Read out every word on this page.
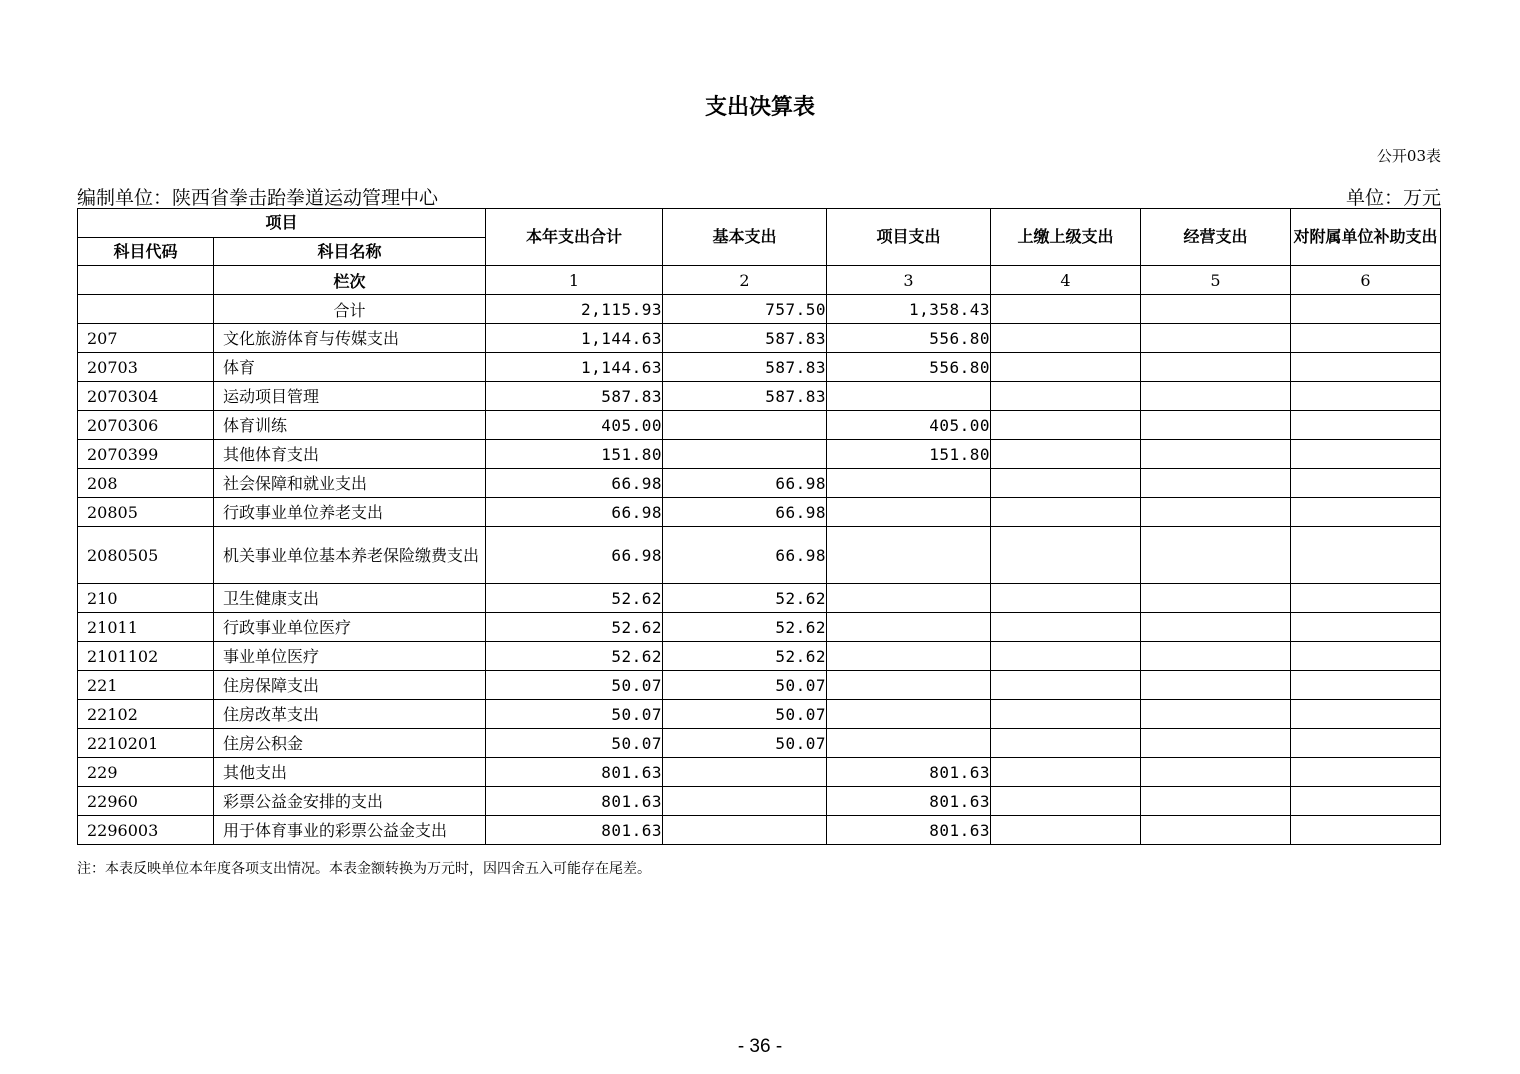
支出决算表
公开03表
编制单位：陕西省拳击跆拳道运动管理中心	单位：万元
项目		本年支出合计	基本支出	项目支出	上缴上级支出	经营支出	对附属单位补助支出
科目代码	科目名称						
	栏次	1	2	3	4	5	6
	合计	2,115.93	757.50	1,358.43			
207	文化旅游体育与传媒支出	1,144.63	587.83	556.80			
20703	体育	1,144.63	587.83	556.80			
2070304	运动项目管理	587.83	587.83				
2070306	体育训练	405.00		405.00			
2070399	其他体育支出	151.80		151.80			
208	社会保障和就业支出	66.98	66.98				
20805	行政事业单位养老支出	66.98	66.98				
2080505	机关事业单位基本养老保险缴费支出	66.98	66.98				
210	卫生健康支出	52.62	52.62				
21011	行政事业单位医疗	52.62	52.62				
2101102	事业单位医疗	52.62	52.62				
221	住房保障支出	50.07	50.07				
22102	住房改革支出	50.07	50.07				
2210201	住房公积金	50.07	50.07				
229	其他支出	801.63		801.63			
22960	彩票公益金安排的支出	801.63		801.63			
2296003	用于体育事业的彩票公益金支出	801.63		801.63			
注：本表反映单位本年度各项支出情况。本表金额转换为万元时，因四舍五入可能存在尾差。
- 36 -
